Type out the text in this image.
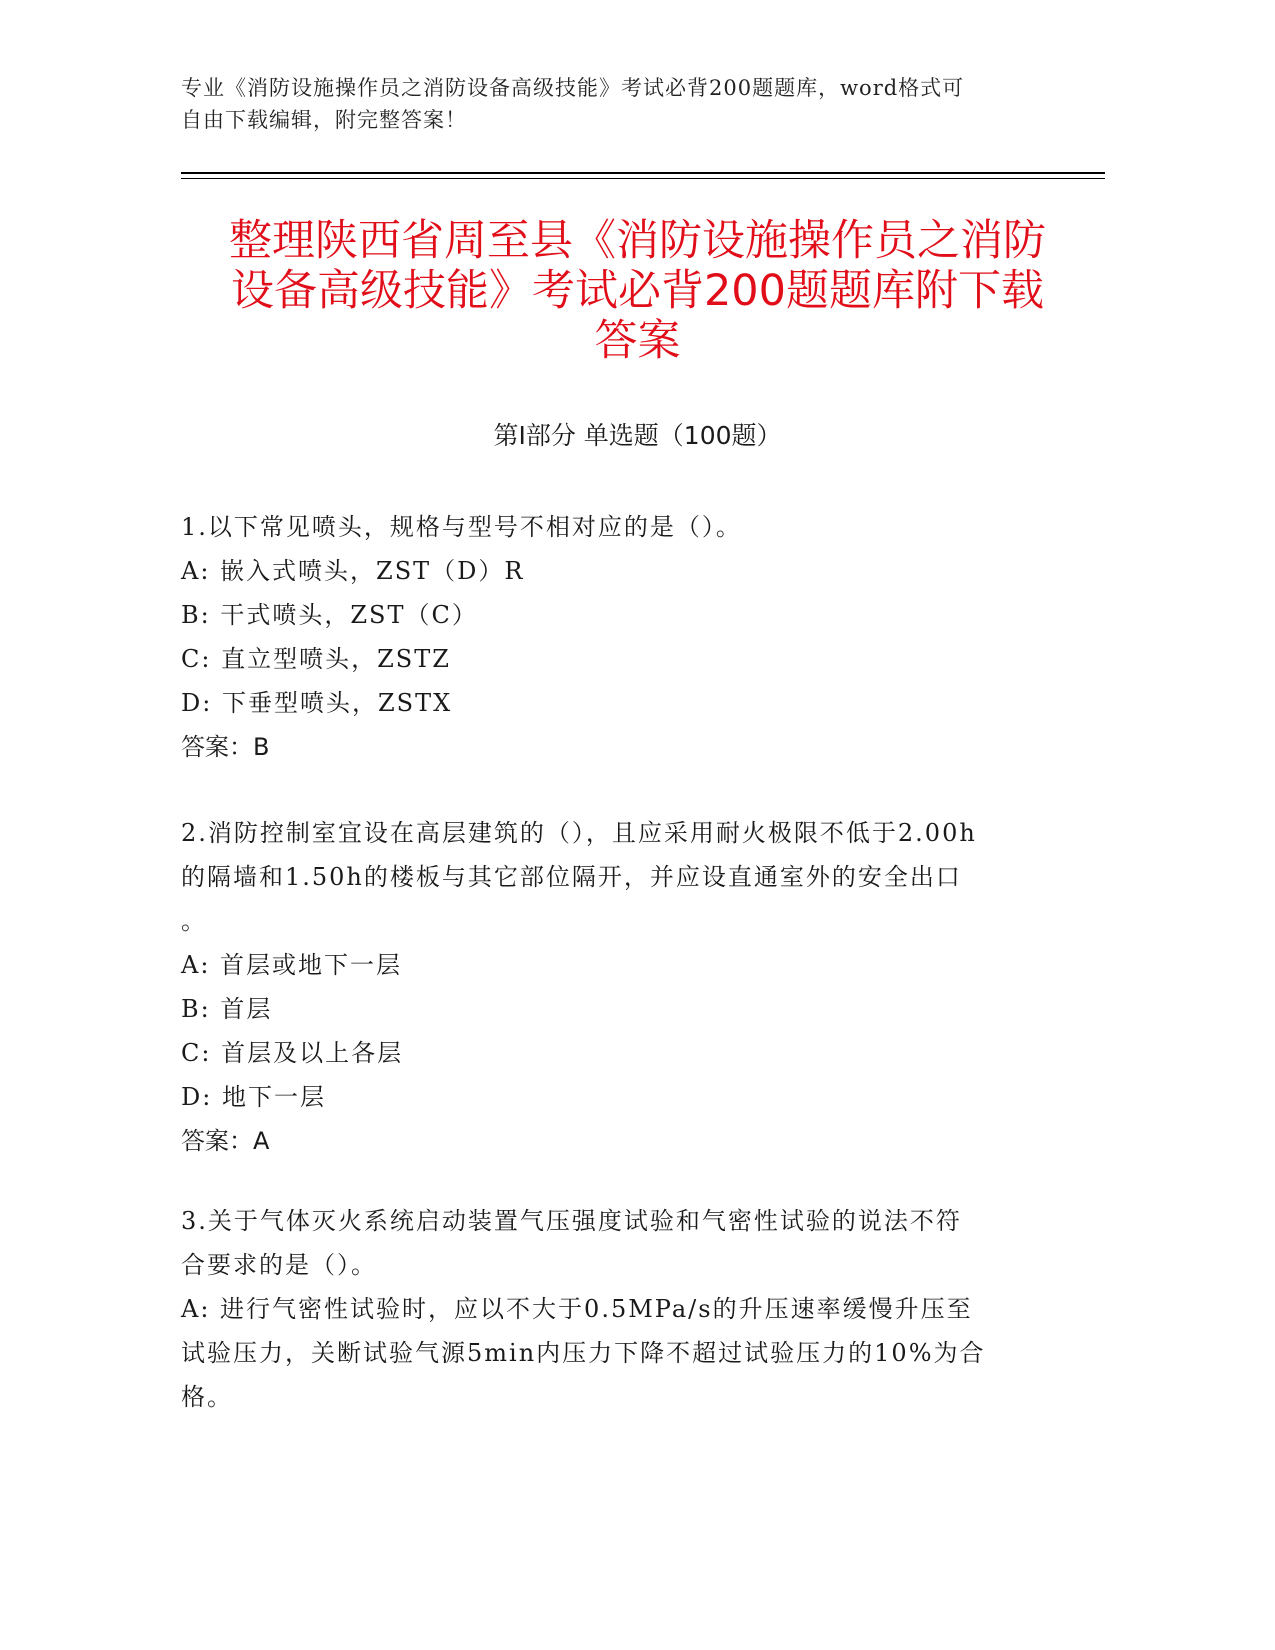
专业《消防设施操作员之消防设备高级技能》考试必背200题题库，word格式可
自由下载编辑，附完整答案！
整理陕西省周至县《消防设施操作员之消防
设备高级技能》考试必背200题题库附下载
答案
第Ⅰ部分 单选题（100题）
1.以下常见喷头，规格与型号不相对应的是（）。
A: 嵌入式喷头，ZST（D）R
B: 干式喷头，ZST（C）
C: 直立型喷头，ZSTZ
D: 下垂型喷头，ZSTX
答案：B
2.消防控制室宜设在高层建筑的（），且应采用耐火极限不低于2.00h
的隔墙和1.50h的楼板与其它部位隔开，并应设直通室外的安全出口
。
A: 首层或地下一层
B: 首层
C: 首层及以上各层
D: 地下一层
答案：A
3.关于气体灭火系统启动装置气压强度试验和气密性试验的说法不符
合要求的是（）。
A: 进行气密性试验时，应以不大于0.5MPa/s的升压速率缓慢升压至
试验压力，关断试验气源5min内压力下降不超过试验压力的10%为合
格。
